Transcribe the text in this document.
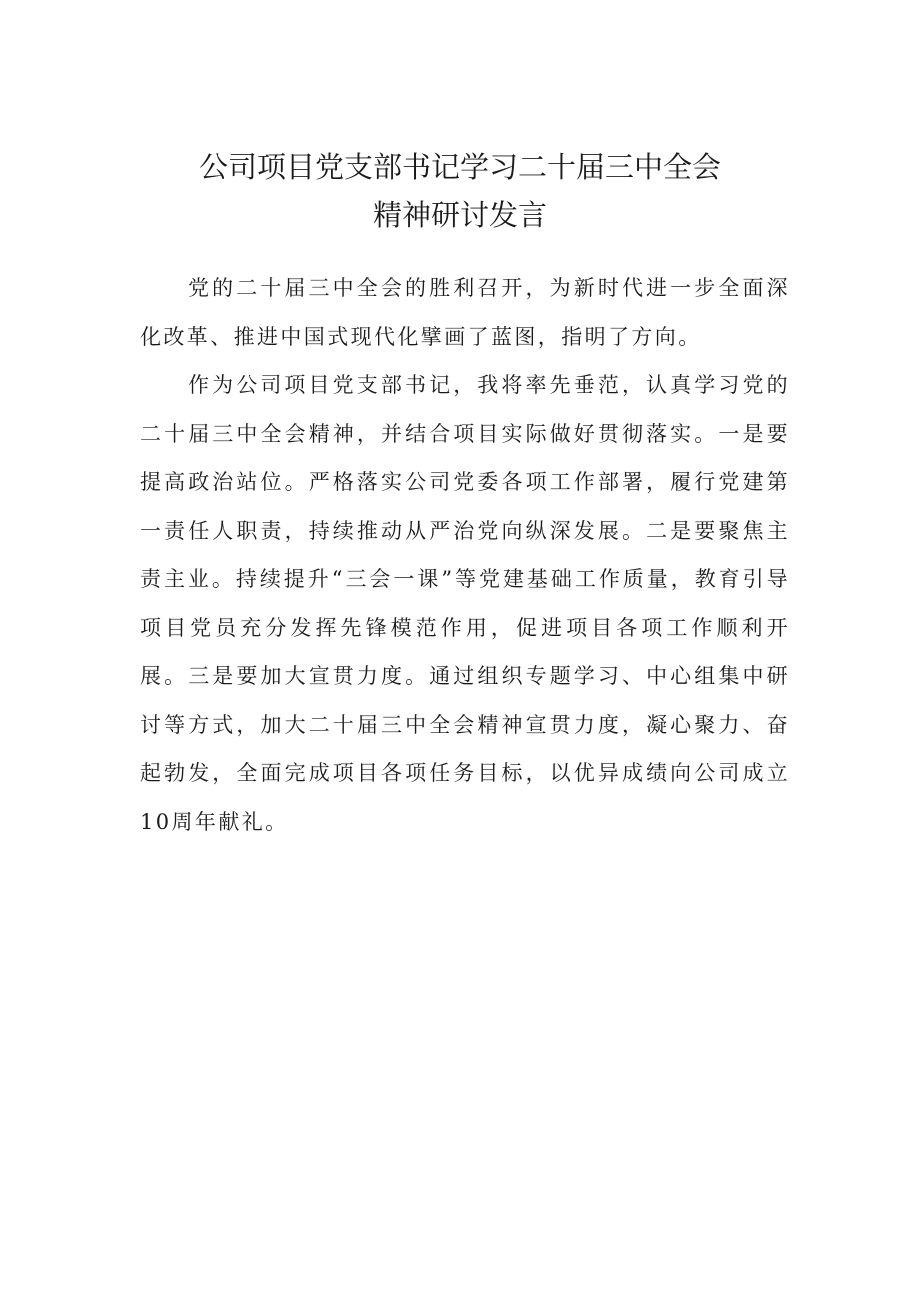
公司项目党支部书记学习二十届三中全会
精神研讨发言

党的二十届三中全会的胜利召开，为新时代进一步全面深化改革、推进中国式现代化擘画了蓝图，指明了方向。

作为公司项目党支部书记，我将率先垂范，认真学习党的二十届三中全会精神，并结合项目实际做好贯彻落实。一是要提高政治站位。严格落实公司党委各项工作部署，履行党建第一责任人职责，持续推动从严治党向纵深发展。二是要聚焦主责主业。持续提升“三会一课”等党建基础工作质量，教育引导项目党员充分发挥先锋模范作用，促进项目各项工作顺利开展。三是要加大宣贯力度。通过组织专题学习、中心组集中研讨等方式，加大二十届三中全会精神宣贯力度，凝心聚力、奋起勃发，全面完成项目各项任务目标，以优异成绩向公司成立10周年献礼。
